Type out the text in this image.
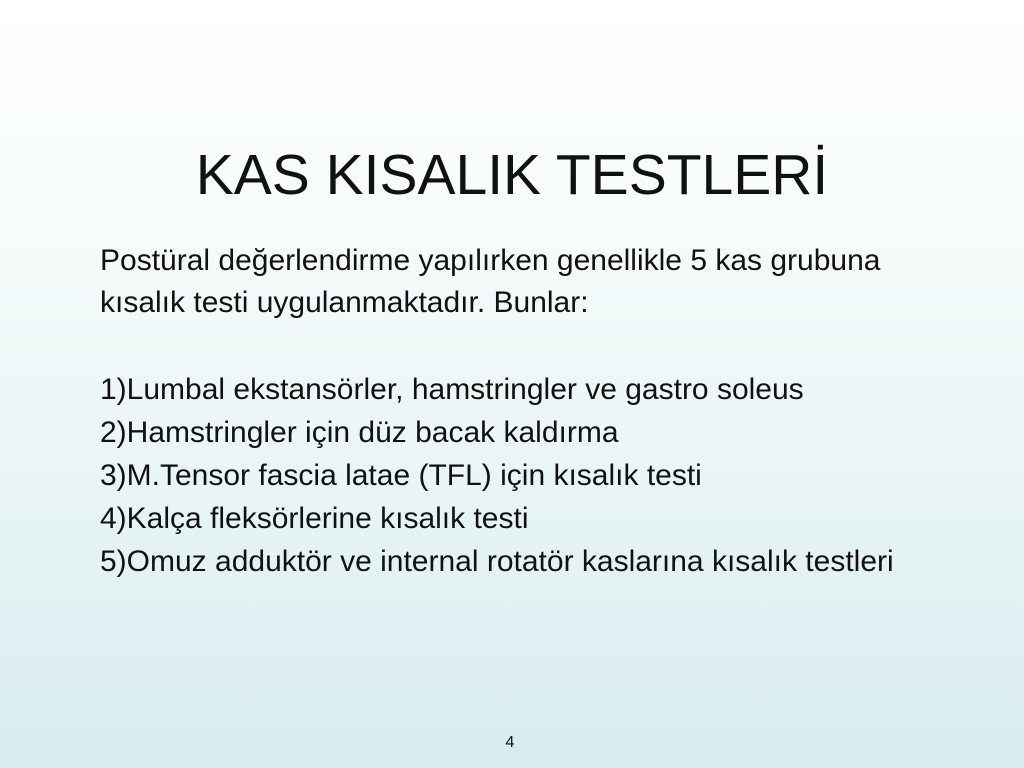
KAS KISALIK TESTLERİ

Postüral değerlendirme yapılırken genellikle 5 kas grubuna kısalık testi uygulanmaktadır. Bunlar:

1)Lumbal ekstansörler, hamstringler ve gastro soleus
2)Hamstringler için düz bacak kaldırma
3)M.Tensor fascia latae (TFL) için kısalık testi
4)Kalça fleksörlerine kısalık testi
5)Omuz adduktör ve internal rotatör kaslarına kısalık testleri
4
